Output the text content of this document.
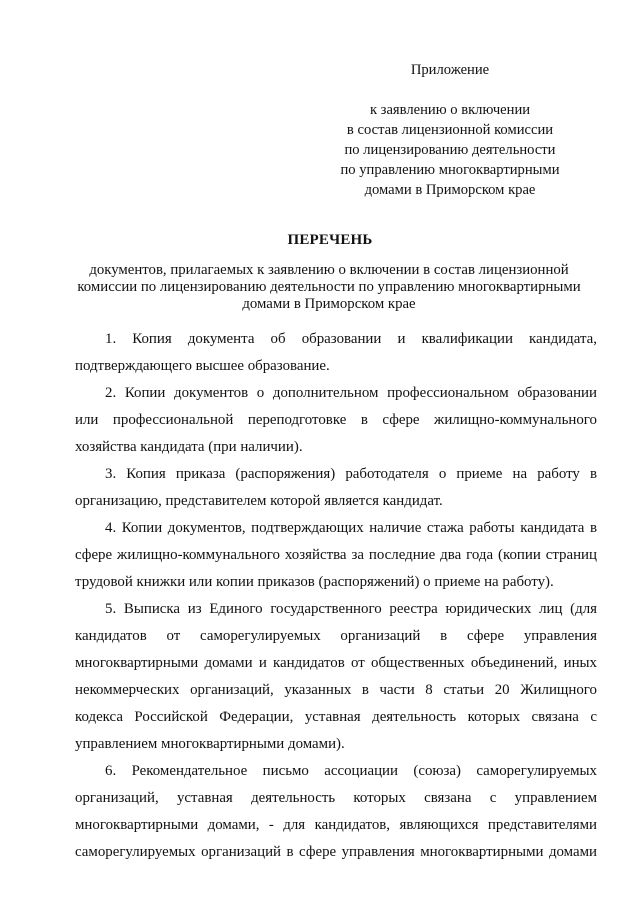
Приложение
к заявлению о включении
в состав лицензионной комиссии
по лицензированию деятельности
по управлению многоквартирными
домами в Приморском крае
ПЕРЕЧЕНЬ
документов, прилагаемых к заявлению о включении в состав лицензионной
комиссии по лицензированию деятельности по управлению многоквартирными
домами в Приморском крае
1. Копия документа об образовании и квалификации кандидата,
подтверждающего высшее образование.
2. Копии документов о дополнительном профессиональном образовании
или профессиональной переподготовке в сфере жилищно-коммунального
хозяйства кандидата (при наличии).
3. Копия приказа (распоряжения) работодателя о приеме на работу в
организацию, представителем которой является кандидат.
4. Копии документов, подтверждающих наличие стажа работы кандидата в
сфере жилищно-коммунального хозяйства за последние два года (копии страниц
трудовой книжки или копии приказов (распоряжений) о приеме на работу).
5. Выписка из Единого государственного реестра юридических лиц (для
кандидатов от саморегулируемых организаций в сфере управления
многоквартирными домами и кандидатов от общественных объединений, иных
некоммерческих организаций, указанных в части 8 статьи 20 Жилищного
кодекса Российской Федерации, уставная деятельность которых связана с
управлением многоквартирными домами).
6. Рекомендательное письмо ассоциации (союза) саморегулируемых
организаций, уставная деятельность которых связана с управлением
многоквартирными домами, - для кандидатов, являющихся представителями
саморегулируемых организаций в сфере управления многоквартирными домами
